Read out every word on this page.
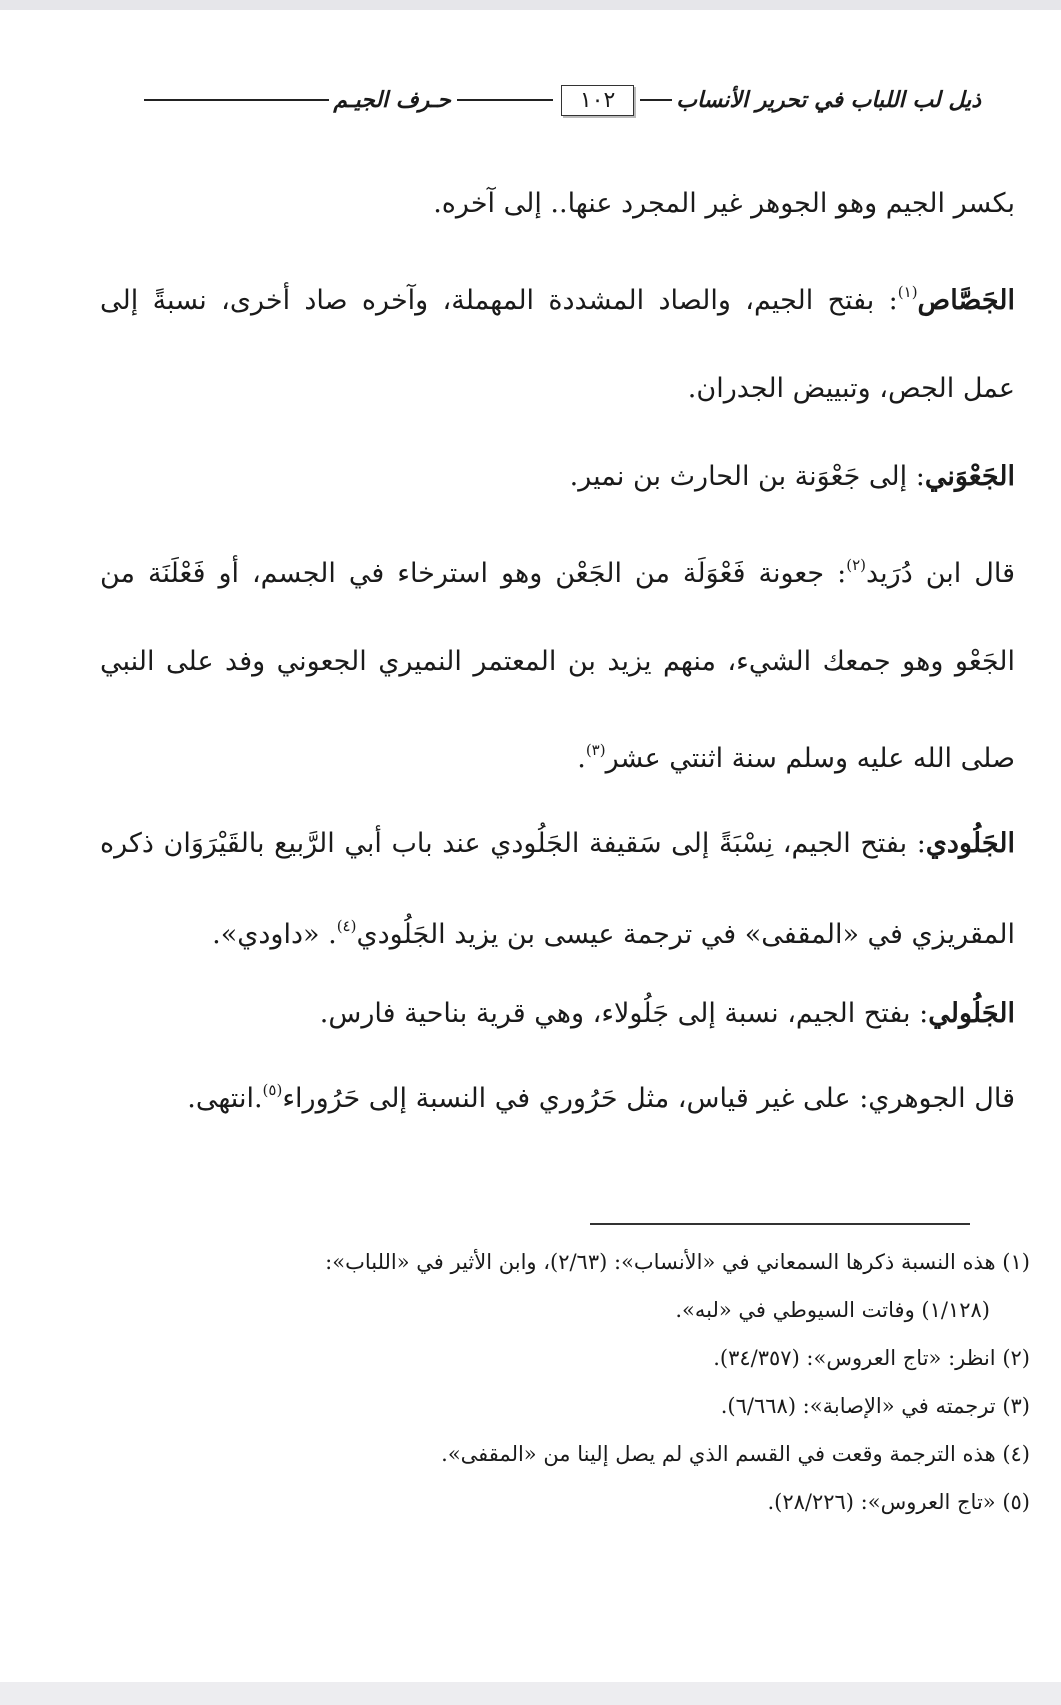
ذيل لب اللباب في تحرير الأنساب
١٠٢
حـرف الجيـم

بكسر الجيم وهو الجوهر غير المجرد عنها.. إلى آخره.

الجَصَّاص$^{(١)}$: بفتح الجيم، والصاد المشددة المهملة، وآخره صاد أخرى، نسبةً إلى عمل الجص، وتبييض الجدران.

الجَعْوَني: إلى جَعْوَنة بن الحارث بن نمير.

قال ابن دُرَيد$^{(٢)}$: جعونة فَعْوَلَة من الجَعْن وهو استرخاء في الجسم، أو فَعْلَنَة من الجَعْو وهو جمعك الشيء، منهم يزيد بن المعتمر النميري الجعوني وفد على النبي صلى الله عليه وسلم سنة اثنتي عشر$^{(٣)}$.

الجَلُودي: بفتح الجيم، نِسْبَةً إلى سَقيفة الجَلُودي عند باب أبي الرَّبيع بالقَيْرَوَان ذكره المقريزي في «المقفى» في ترجمة عيسى بن يزيد الجَلُودي$^{(٤)}$. «داودي».

الجَلُولي: بفتح الجيم، نسبة إلى جَلُولاء، وهي قرية بناحية فارس.

قال الجوهري: على غير قياس، مثل حَرُوري في النسبة إلى حَرُوراء$^{(٥)}$.انتهى.

(١) هذه النسبة ذكرها السمعاني في «الأنساب»: (٢/٦٣)، وابن الأثير في «اللباب»:

(١/١٢٨) وفاتت السيوطي في «لبه».

(٢) انظر: «تاج العروس»: (٣٤/٣٥٧).

(٣) ترجمته في «الإصابة»: (٦/٦٦٨).

(٤) هذه الترجمة وقعت في القسم الذي لم يصل إلينا من «المقفى».

(٥) «تاج العروس»: (٢٨/٢٢٦).
